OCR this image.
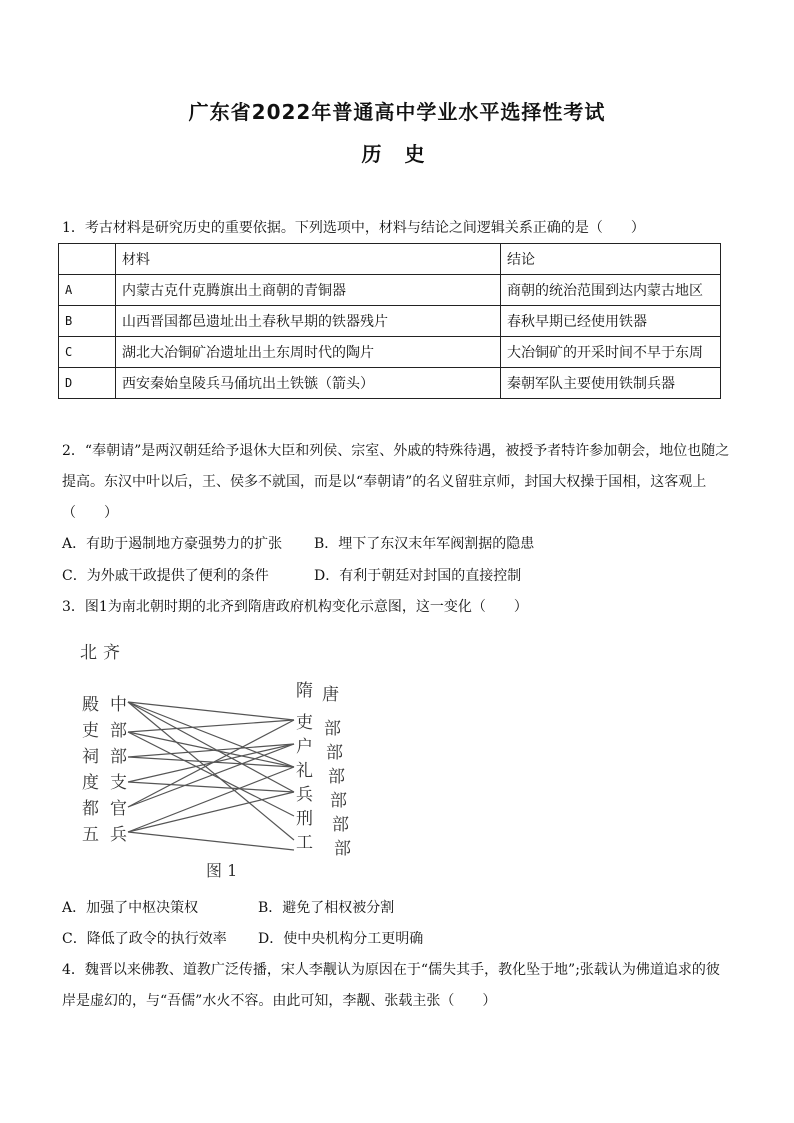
广东省2022年普通高中学业水平选择性考试
历 史
1．考古材料是研究历史的重要依据。下列选项中，材料与结论之间逻辑关系正确的是（　　）
	材料	结论
A	内蒙古克什克腾旗出土商朝的青铜器	商朝的统治范围到达内蒙古地区
B	山西晋国都邑遗址出土春秋早期的铁器残片	春秋早期已经使用铁器
C	湖北大冶铜矿冶遗址出土东周时代的陶片	大冶铜矿的开采时间不早于东周
D	西安秦始皇陵兵马俑坑出土铁镞（箭头）	秦朝军队主要使用铁制兵器
2．“奉朝请”是两汉朝廷给予退休大臣和列侯、宗室、外戚的特殊待遇，被授予者特许参加朝会，地位也随之
提高。东汉中叶以后，王、侯多不就国，而是以“奉朝请”的名义留驻京师，封国大权操于国相，这客观上
（　　）
A．有助于遏制地方豪强势力的扩张 B．埋下了东汉末年军阀割据的隐患
C．为外戚干政提供了便利的条件	D．有利于朝廷对封国的直接控制
3．图1为南北朝时期的北齐到隋唐政府机构变化示意图，这一变化（　　）
北齐
殿
吏
祠
度
都
五
中
部
部
支
官
兵
隋
吏
户
礼
兵
刑
工
唐
部
部
部
部
部
部
图 1
A．加强了中枢决策权	B．避免了相权被分割
C．降低了政令的执行效率 D．使中央机构分工更明确
4．魏晋以来佛教、道教广泛传播，宋人李觏认为原因在于“儒失其手，教化坠于地”;张载认为佛道追求的彼
岸是虚幻的，与“吾儒”水火不容。由此可知，李觏、张载主张（　　）
